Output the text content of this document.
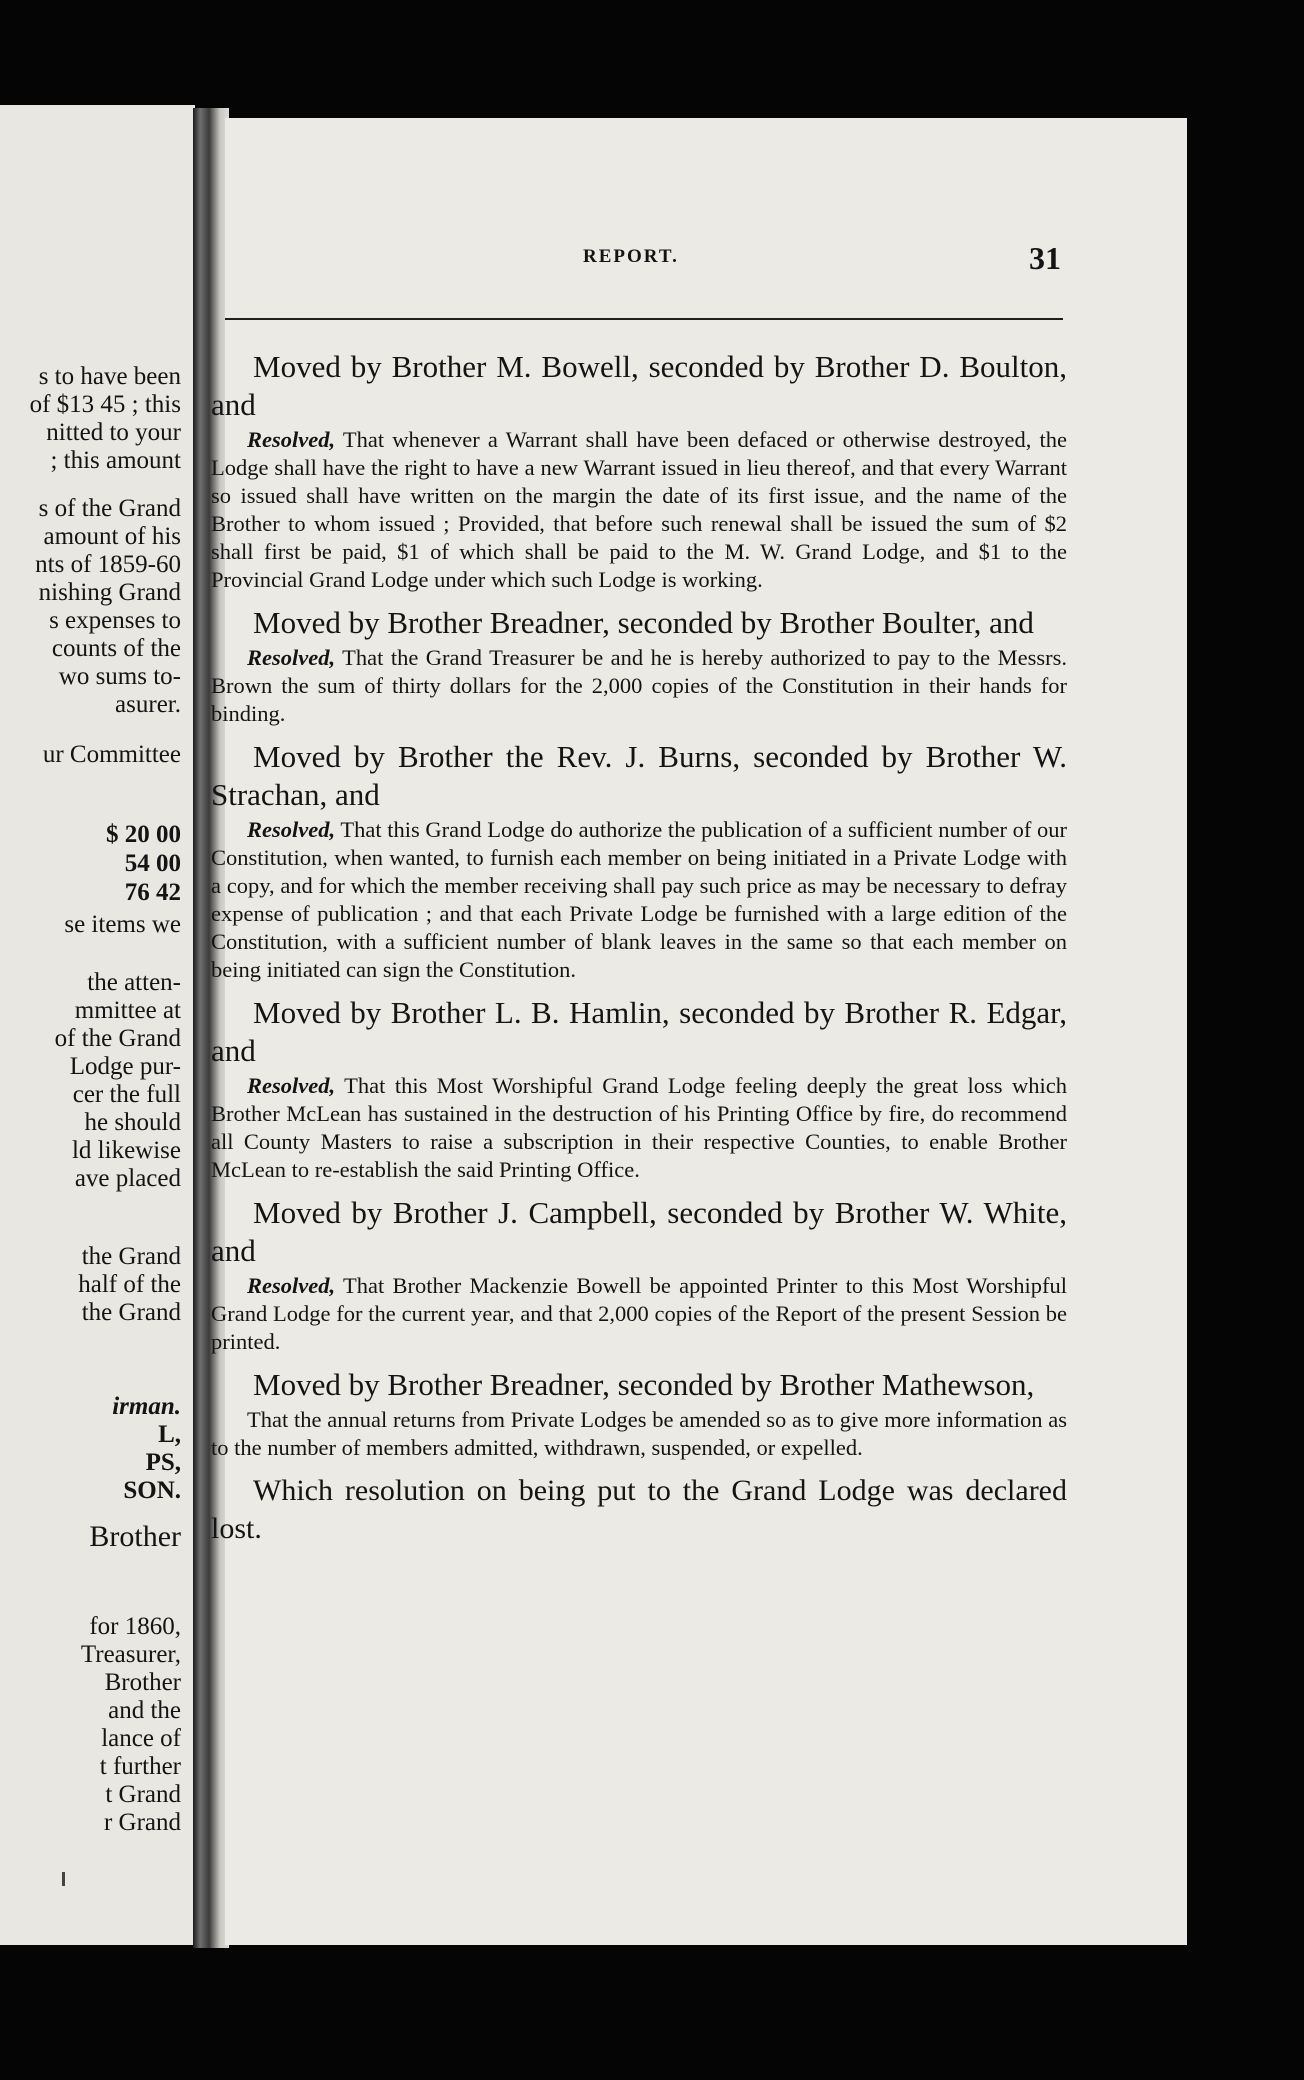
s to have been
of $13 45 ; this
nitted to your
; this amount
s of the Grand
amount of his
nts of 1859-60
nishing Grand
s expenses to
counts of the
wo sums to-
asurer.
ur Committee
$ 20 00
54 00
76 42
se items we
the atten-
mmittee at
of the Grand
Lodge pur-
cer the full
he should
ld likewise
ave placed
the Grand
half of the
the Grand
irman.
L,
PS,
SON.
Brother
for 1860,
Treasurer,
Brother
and the
lance of
t further
t Grand
r Grand
REPORT.	31

Moved by Brother M. Bowell, seconded by Brother D. Boulton, and

Resolved, That whenever a Warrant shall have been defaced or otherwise destroyed, the Lodge shall have the right to have a new Warrant issued in lieu thereof, and that every Warrant so issued shall have written on the margin the date of its first issue, and the name of the Brother to whom issued ; Provided, that before such renewal shall be issued the sum of $2 shall first be paid, $1 of which shall be paid to the M. W. Grand Lodge, and $1 to the Provincial Grand Lodge under which such Lodge is working.

Moved by Brother Breadner, seconded by Brother Boulter, and

Resolved, That the Grand Treasurer be and he is hereby authorized to pay to the Messrs. Brown the sum of thirty dollars for the 2,000 copies of the Constitution in their hands for binding.

Moved by Brother the Rev. J. Burns, seconded by Brother W. Strachan, and

Resolved, That this Grand Lodge do authorize the publication of a sufficient number of our Constitution, when wanted, to furnish each member on being initiated in a Private Lodge with a copy, and for which the member receiving shall pay such price as may be necessary to defray expense of publication ; and that each Private Lodge be furnished with a large edition of the Constitution, with a sufficient number of blank leaves in the same so that each member on being initiated can sign the Constitution.

Moved by Brother L. B. Hamlin, seconded by Brother R. Edgar, and

Resolved, That this Most Worshipful Grand Lodge feeling deeply the great loss which Brother McLean has sustained in the destruction of his Printing Office by fire, do recommend all County Masters to raise a subscription in their respective Counties, to enable Brother McLean to re-establish the said Printing Office.

Moved by Brother J. Campbell, seconded by Brother W. White, and

Resolved, That Brother Mackenzie Bowell be appointed Printer to this Most Worshipful Grand Lodge for the current year, and that 2,000 copies of the Report of the present Session be printed.

Moved by Brother Breadner, seconded by Brother Mathewson,

That the annual returns from Private Lodges be amended so as to give more information as to the number of members admitted, withdrawn, suspended, or expelled.

Which resolution on being put to the Grand Lodge was declared lost.
